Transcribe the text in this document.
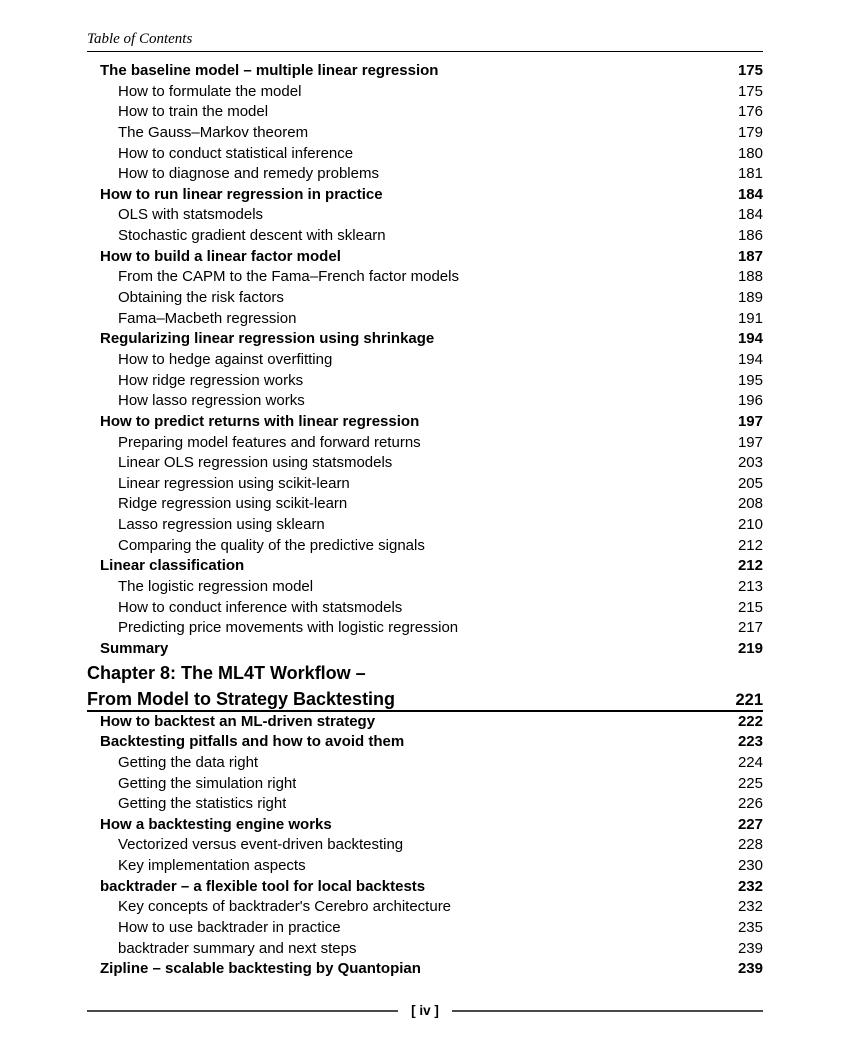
Table of Contents
The baseline model – multiple linear regression	175
How to formulate the model	175
How to train the model	176
The Gauss–Markov theorem	179
How to conduct statistical inference	180
How to diagnose and remedy problems	181
How to run linear regression in practice	184
OLS with statsmodels	184
Stochastic gradient descent with sklearn	186
How to build a linear factor model	187
From the CAPM to the Fama–French factor models	188
Obtaining the risk factors	189
Fama–Macbeth regression	191
Regularizing linear regression using shrinkage	194
How to hedge against overfitting	194
How ridge regression works	195
How lasso regression works	196
How to predict returns with linear regression	197
Preparing model features and forward returns	197
Linear OLS regression using statsmodels	203
Linear regression using scikit-learn	205
Ridge regression using scikit-learn	208
Lasso regression using sklearn	210
Comparing the quality of the predictive signals	212
Linear classification	212
The logistic regression model	213
How to conduct inference with statsmodels	215
Predicting price movements with logistic regression	217
Summary	219
Chapter 8: The ML4T Workflow –
From Model to Strategy Backtesting	221
How to backtest an ML-driven strategy	222
Backtesting pitfalls and how to avoid them	223
Getting the data right	224
Getting the simulation right	225
Getting the statistics right	226
How a backtesting engine works	227
Vectorized versus event-driven backtesting	228
Key implementation aspects	230
backtrader – a flexible tool for local backtests	232
Key concepts of backtrader's Cerebro architecture	232
How to use backtrader in practice	235
backtrader summary and next steps	239
Zipline – scalable backtesting by Quantopian	239
[ iv ]
